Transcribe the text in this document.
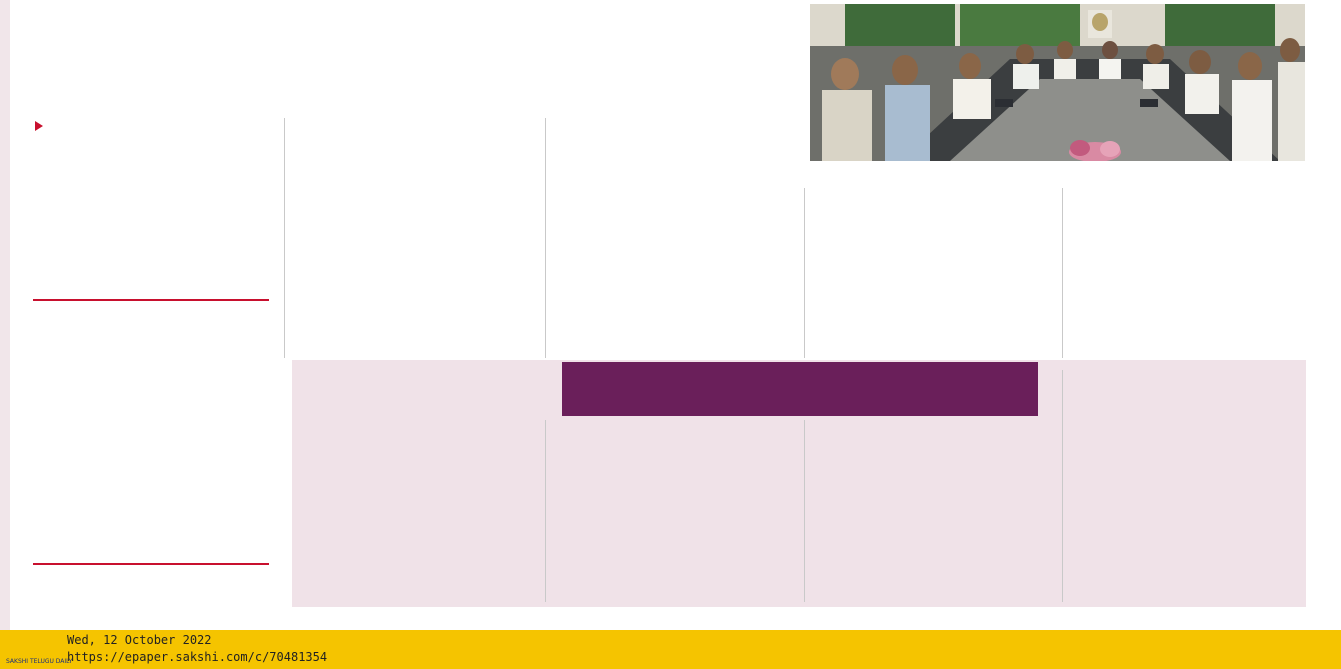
SAKSHI TELUGU DAILY
Wed, 12 October 2022
https://epaper.sakshi.com/c/70481354
